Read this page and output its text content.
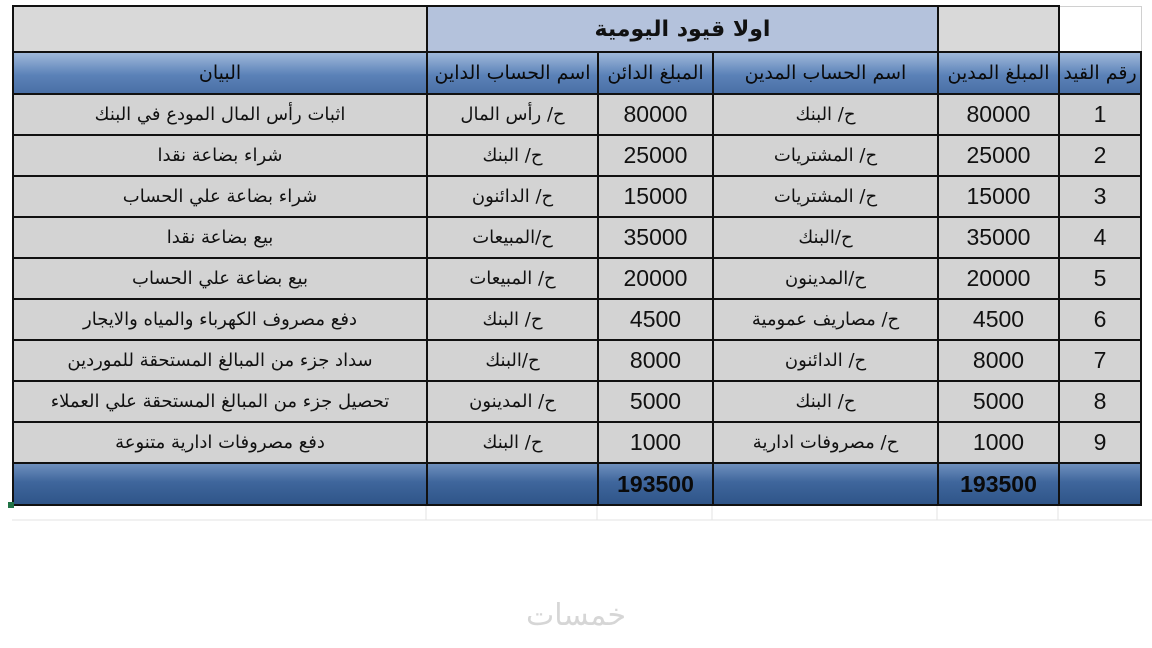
		اولا قيود اليومية			
رقم القيد	المبلغ المدين	اسم الحساب المدين	المبلغ الدائن	اسم الحساب الداين	البيان
1	80000	ح/ البنك	80000	ح/ رأس المال	اثبات رأس المال المودع في البنك
2	25000	ح/ المشتريات	25000	ح/ البنك	شراء بضاعة نقدا
3	15000	ح/ المشتريات	15000	ح/ الدائنون	شراء بضاعة علي الحساب
4	35000	ح/البنك	35000	ح/المبيعات	بيع بضاعة نقدا
5	20000	ح/المدينون	20000	ح/ المبيعات	بيع بضاعة علي الحساب
6	4500	ح/ مصاريف عمومية	4500	ح/ البنك	دفع مصروف الكهرباء والمياه والايجار
7	8000	ح/ الدائنون	8000	ح/البنك	سداد جزء من المبالغ المستحقة للموردين
8	5000	ح/ البنك	5000	ح/ المدينون	تحصيل جزء من المبالغ المستحقة علي العملاء
9	1000	ح/ مصروفات ادارية	1000	ح/ البنك	دفع مصروفات ادارية متنوعة
	193500		193500		
خمسات
